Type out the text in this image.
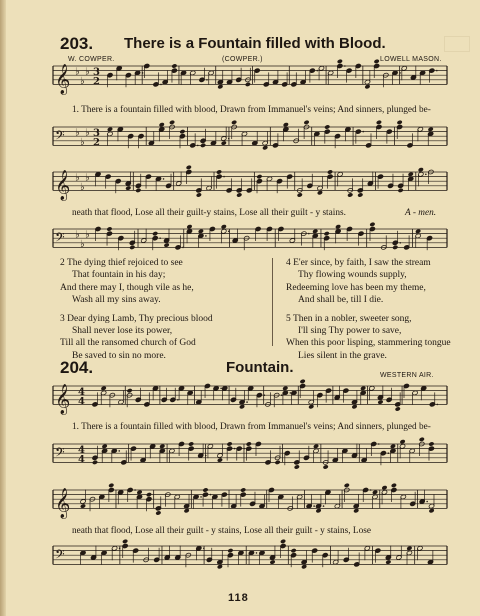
203. There is a Fountain filled with Blood.
W. COWPER.	(COWPER.)	LOWELL MASON.
𝄞 ♭
♭
♭ 3
2
1. There is a fountain filled with blood, Drawn from Immanuel's veins; And sinners, plunged be-
𝄢 ♭
♭
♭ 3
2
𝄞 ♭
♭
♭
neath that flood, Lose all their guilt-y stains, Lose all their guilt - y stains.	A - men.
𝄢 ♭
♭
♭
2 The dying thief rejoiced to see
That fountain in his day;
And there may I, though vile as he,
Wash all my sins away.
3 Dear dying Lamb, Thy precious blood
Shall never lose its power,
Till all the ransomed church of God
Be saved to sin no more.
4 E'er since, by faith, I saw the stream
Thy flowing wounds supply,
Redeeming love has been my theme,
And shall be, till I die.
5 Then in a nobler, sweeter song,
I'll sing Thy power to save,
When this poor lisping, stammering tongue
Lies silent in the grave.
204.	Fountain.	WESTERN AIR.
𝄞 4
4
1. There is a fountain filled with blood, Drawn from Immanuel's veins; And sinners, plunged be-
𝄢 4
4
𝄞
neath that flood, Lose all their guilt - y stains, Lose all their guilt - y stains, Lose
𝄢
118
